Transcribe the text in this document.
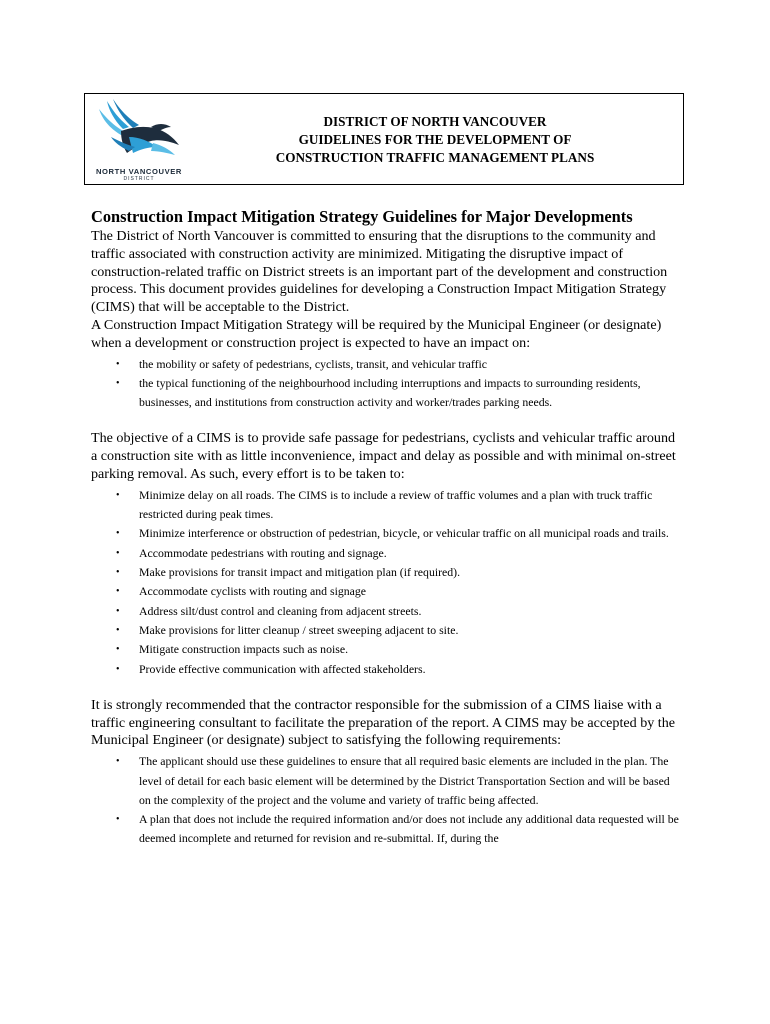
NORTH VANCOUVER
DISTRICT
DISTRICT OF NORTH VANCOUVER
GUIDELINES FOR THE DEVELOPMENT OF
CONSTRUCTION TRAFFIC MANAGEMENT PLANS
Construction Impact Mitigation Strategy Guidelines for Major Developments

The District of North Vancouver is committed to ensuring that the disruptions to the community and traffic associated with construction activity are minimized. Mitigating the disruptive impact of construction-related traffic on District streets is an important part of the development and construction process. This document provides guidelines for developing a Construction Impact Mitigation Strategy (CIMS) that will be acceptable to the District.

A Construction Impact Mitigation Strategy will be required by the Municipal Engineer (or designate) when a development or construction project is expected to have an impact on:

• the mobility or safety of pedestrians, cyclists, transit, and vehicular traffic
• the typical functioning of the neighbourhood including interruptions and impacts to surrounding residents, businesses, and institutions from construction activity and worker/trades parking needs.

The objective of a CIMS is to provide safe passage for pedestrians, cyclists and vehicular traffic around a construction site with as little inconvenience, impact and delay as possible and with minimal on-street parking removal. As such, every effort is to be taken to:

• Minimize delay on all roads. The CIMS is to include a review of traffic volumes and a plan with truck traffic restricted during peak times.
• Minimize interference or obstruction of pedestrian, bicycle, or vehicular traffic on all municipal roads and trails.
• Accommodate pedestrians with routing and signage.
• Make provisions for transit impact and mitigation plan (if required).
• Accommodate cyclists with routing and signage
• Address silt/dust control and cleaning from adjacent streets.
• Make provisions for litter cleanup / street sweeping adjacent to site.
• Mitigate construction impacts such as noise.
• Provide effective communication with affected stakeholders.

It is strongly recommended that the contractor responsible for the submission of a CIMS liaise with a traffic engineering consultant to facilitate the preparation of the report. A CIMS may be accepted by the Municipal Engineer (or designate) subject to satisfying the following requirements:

• The applicant should use these guidelines to ensure that all required basic elements are included in the plan. The level of detail for each basic element will be determined by the District Transportation Section and will be based on the complexity of the project and the volume and variety of traffic being affected.
• A plan that does not include the required information and/or does not include any additional data requested will be deemed incomplete and returned for revision and re-submittal. If, during the
